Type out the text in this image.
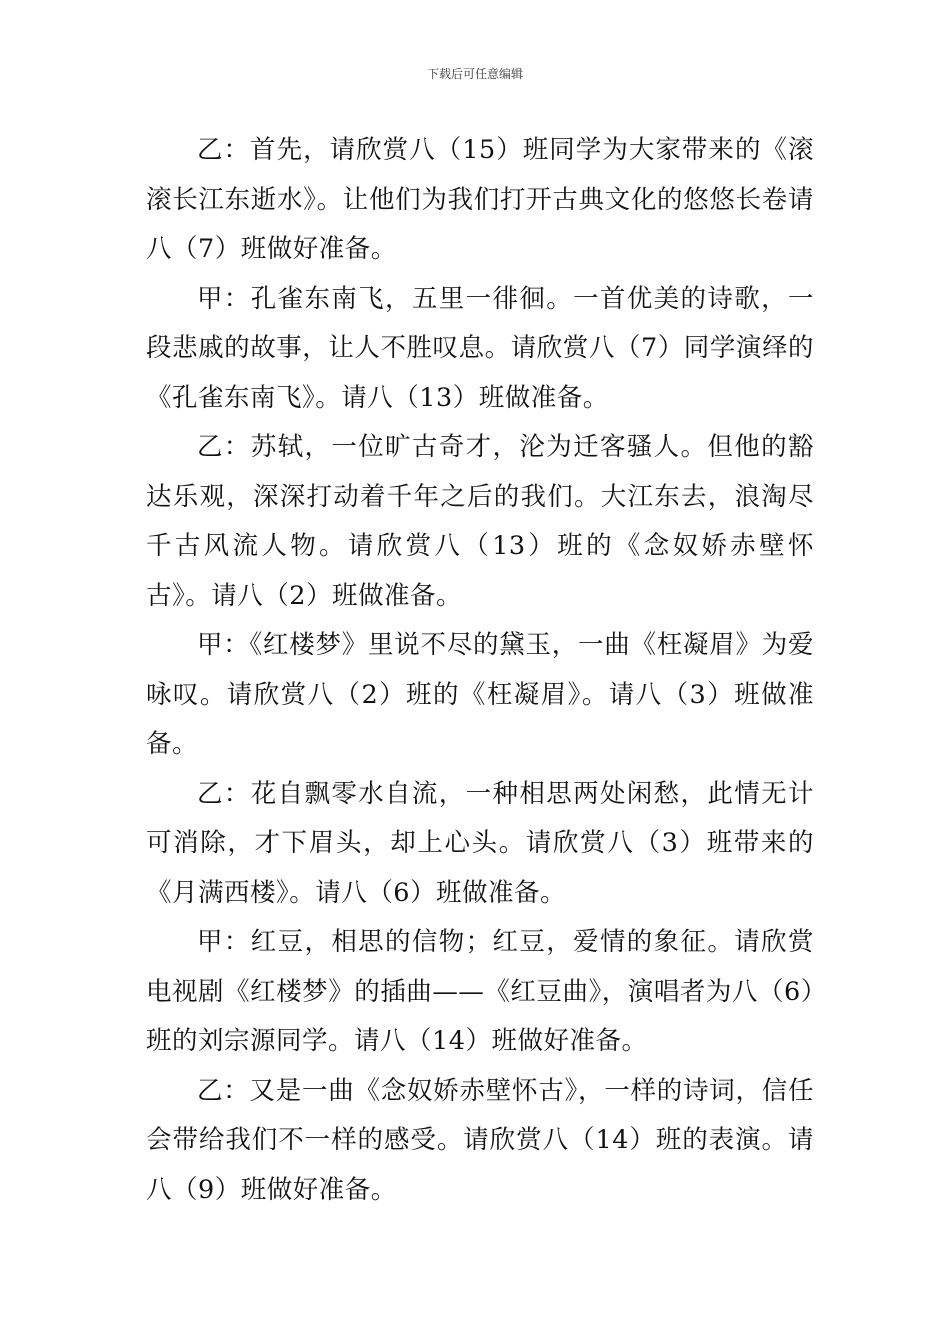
下载后可任意编辑

乙：首先，请欣赏八（15）班同学为大家带来的《滚滚长江东逝水》。让他们为我们打开古典文化的悠悠长卷请八（7）班做好准备。

甲：孔雀东南飞，五里一徘徊。一首优美的诗歌，一段悲戚的故事，让人不胜叹息。请欣赏八（7）同学演绎的《孔雀东南飞》。请八（13）班做准备。

乙：苏轼，一位旷古奇才，沦为迁客骚人。但他的豁达乐观，深深打动着千年之后的我们。大江东去，浪淘尽千古风流人物。请欣赏八（13）班的《念奴娇赤壁怀古》。请八（2）班做准备。

甲：《红楼梦》里说不尽的黛玉，一曲《枉凝眉》为爱咏叹。请欣赏八（2）班的《枉凝眉》。请八（3）班做准备。

乙：花自飘零水自流，一种相思两处闲愁，此情无计可消除，才下眉头，却上心头。请欣赏八（3）班带来的《月满西楼》。请八（6）班做准备。

甲：红豆，相思的信物；红豆，爱情的象征。请欣赏电视剧《红楼梦》的插曲——《红豆曲》，演唱者为八（6）班的刘宗源同学。请八（14）班做好准备。

乙：又是一曲《念奴娇赤壁怀古》，一样的诗词，信任会带给我们不一样的感受。请欣赏八（14）班的表演。请八（9）班做好准备。
